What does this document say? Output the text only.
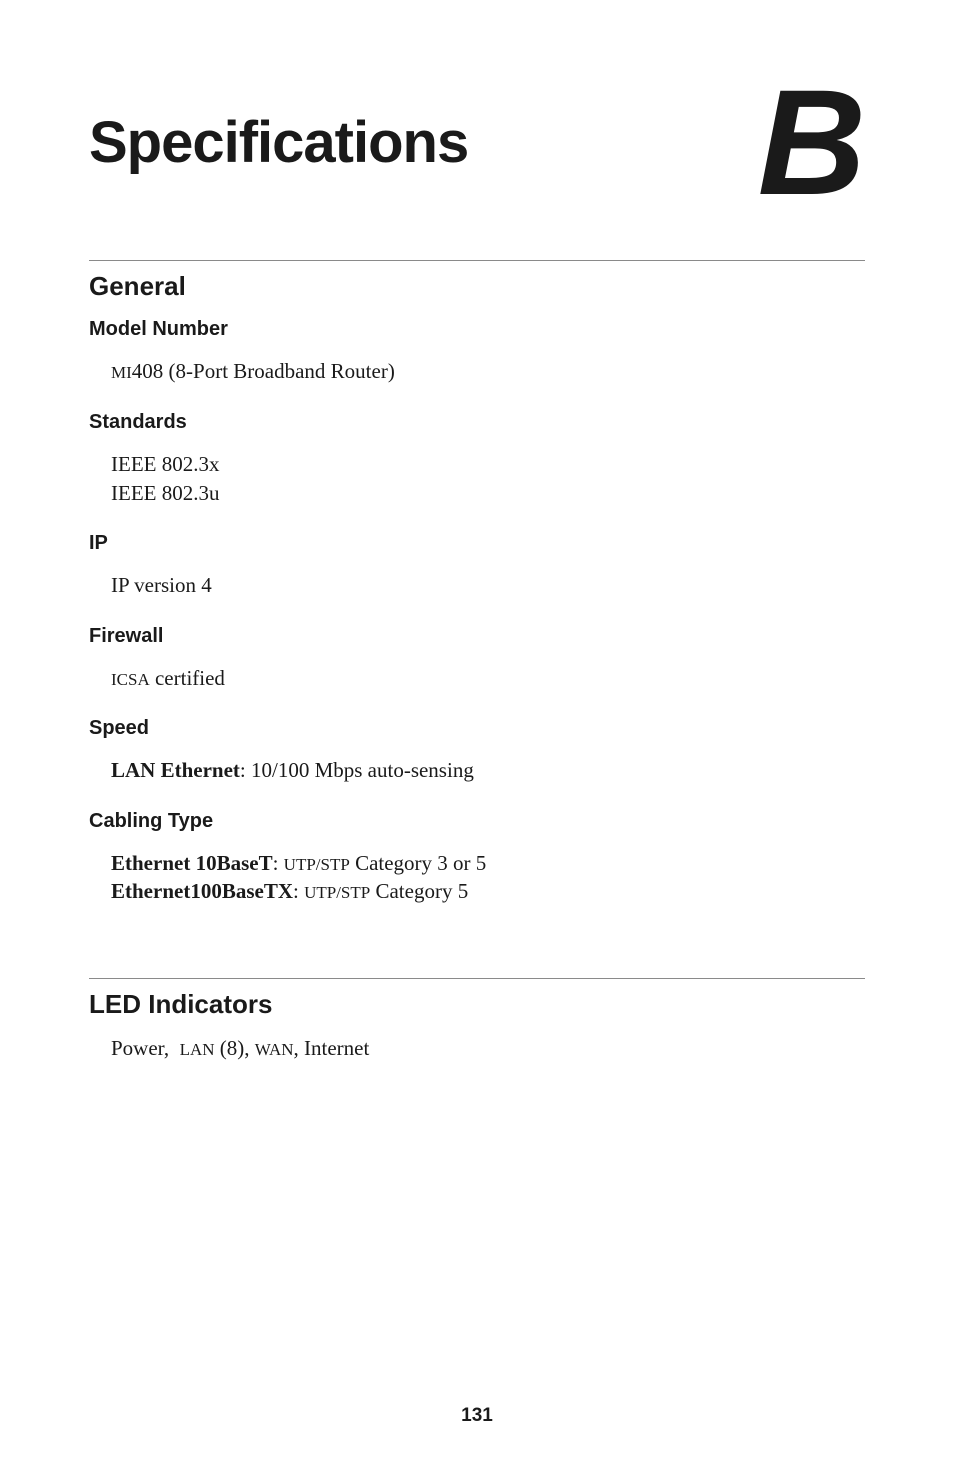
Specifications B
General
Model Number

MI408 (8-Port Broadband Router)

Standards

IEEE 802.3x

IEEE 802.3u

IP

IP version 4

Firewall

ICSA certified

Speed

LAN Ethernet: 10/100 Mbps auto-sensing

Cabling Type

Ethernet 10BaseT: UTP/STP Category 3 or 5

Ethernet100BaseTX: UTP/STP Category 5

LED Indicators

Power,  LAN (8), WAN, Internet

131
